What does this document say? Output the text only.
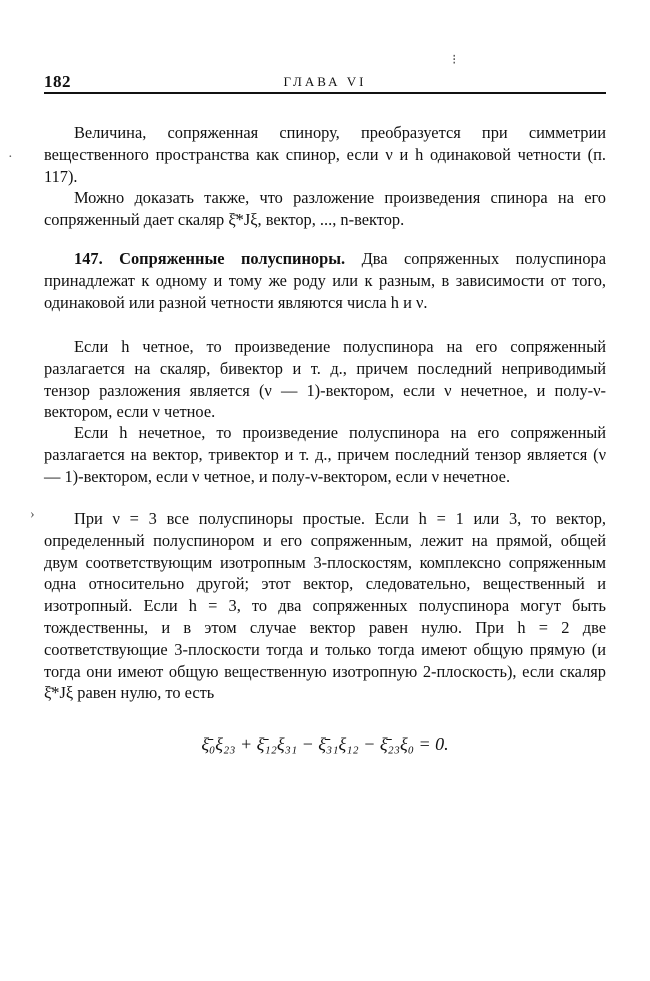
182	ГЛАВА VI
⁝
·
›

Величина, сопряженная спинору, преобразуется при симметрии вещественного пространства как спинор, если ν и h одинаковой четности (п. 117).

Можно доказать также, что разложение произведения спинора на его сопряженный дает скаляр ξ̄*Jξ, вектор, ..., n-вектор.

147. Сопряженные полуспиноры. Два сопряженных полуспинора принадлежат к одному и тому же роду или к разным, в зависимости от того, одинаковой или разной четности являются числа h и ν.

Если h четное, то произведение полуспинора на его сопряженный разлагается на скаляр, бивектор и т. д., причем последний неприводимый тензор разложения является (ν — 1)-вектором, если ν нечетное, и полу-ν-вектором, если ν четное.

Если h нечетное, то произведение полуспинора на его сопряженный разлагается на вектор, тривектор и т. д., причем последний тензор является (ν — 1)-вектором, если ν четное, и полу-ν-вектором, если ν нечетное.

При ν = 3 все полуспиноры простые. Если h = 1 или 3, то вектор, определенный полуспинором и его сопряженным, лежит на прямой, общей двум соответствующим изотропным 3-плоскостям, комплексно сопряженным одна относительно другой; этот вектор, следовательно, вещественный и изотропный. Если h = 3, то два сопряженных полуспинора могут быть тождественны, и в этом случае вектор равен нулю. При h = 2 две соответствующие 3-плоскости тогда и только тогда имеют общую прямую (и тогда они имеют общую вещественную изотропную 2-плоскость), если скаляр ξ̄*Jξ равен нулю, то есть

ξ̄₀ξ₂₃ + ξ̄₁₂ξ₃₁ − ξ̄₃₁ξ₁₂ − ξ̄₂₃ξ₀ = 0.
